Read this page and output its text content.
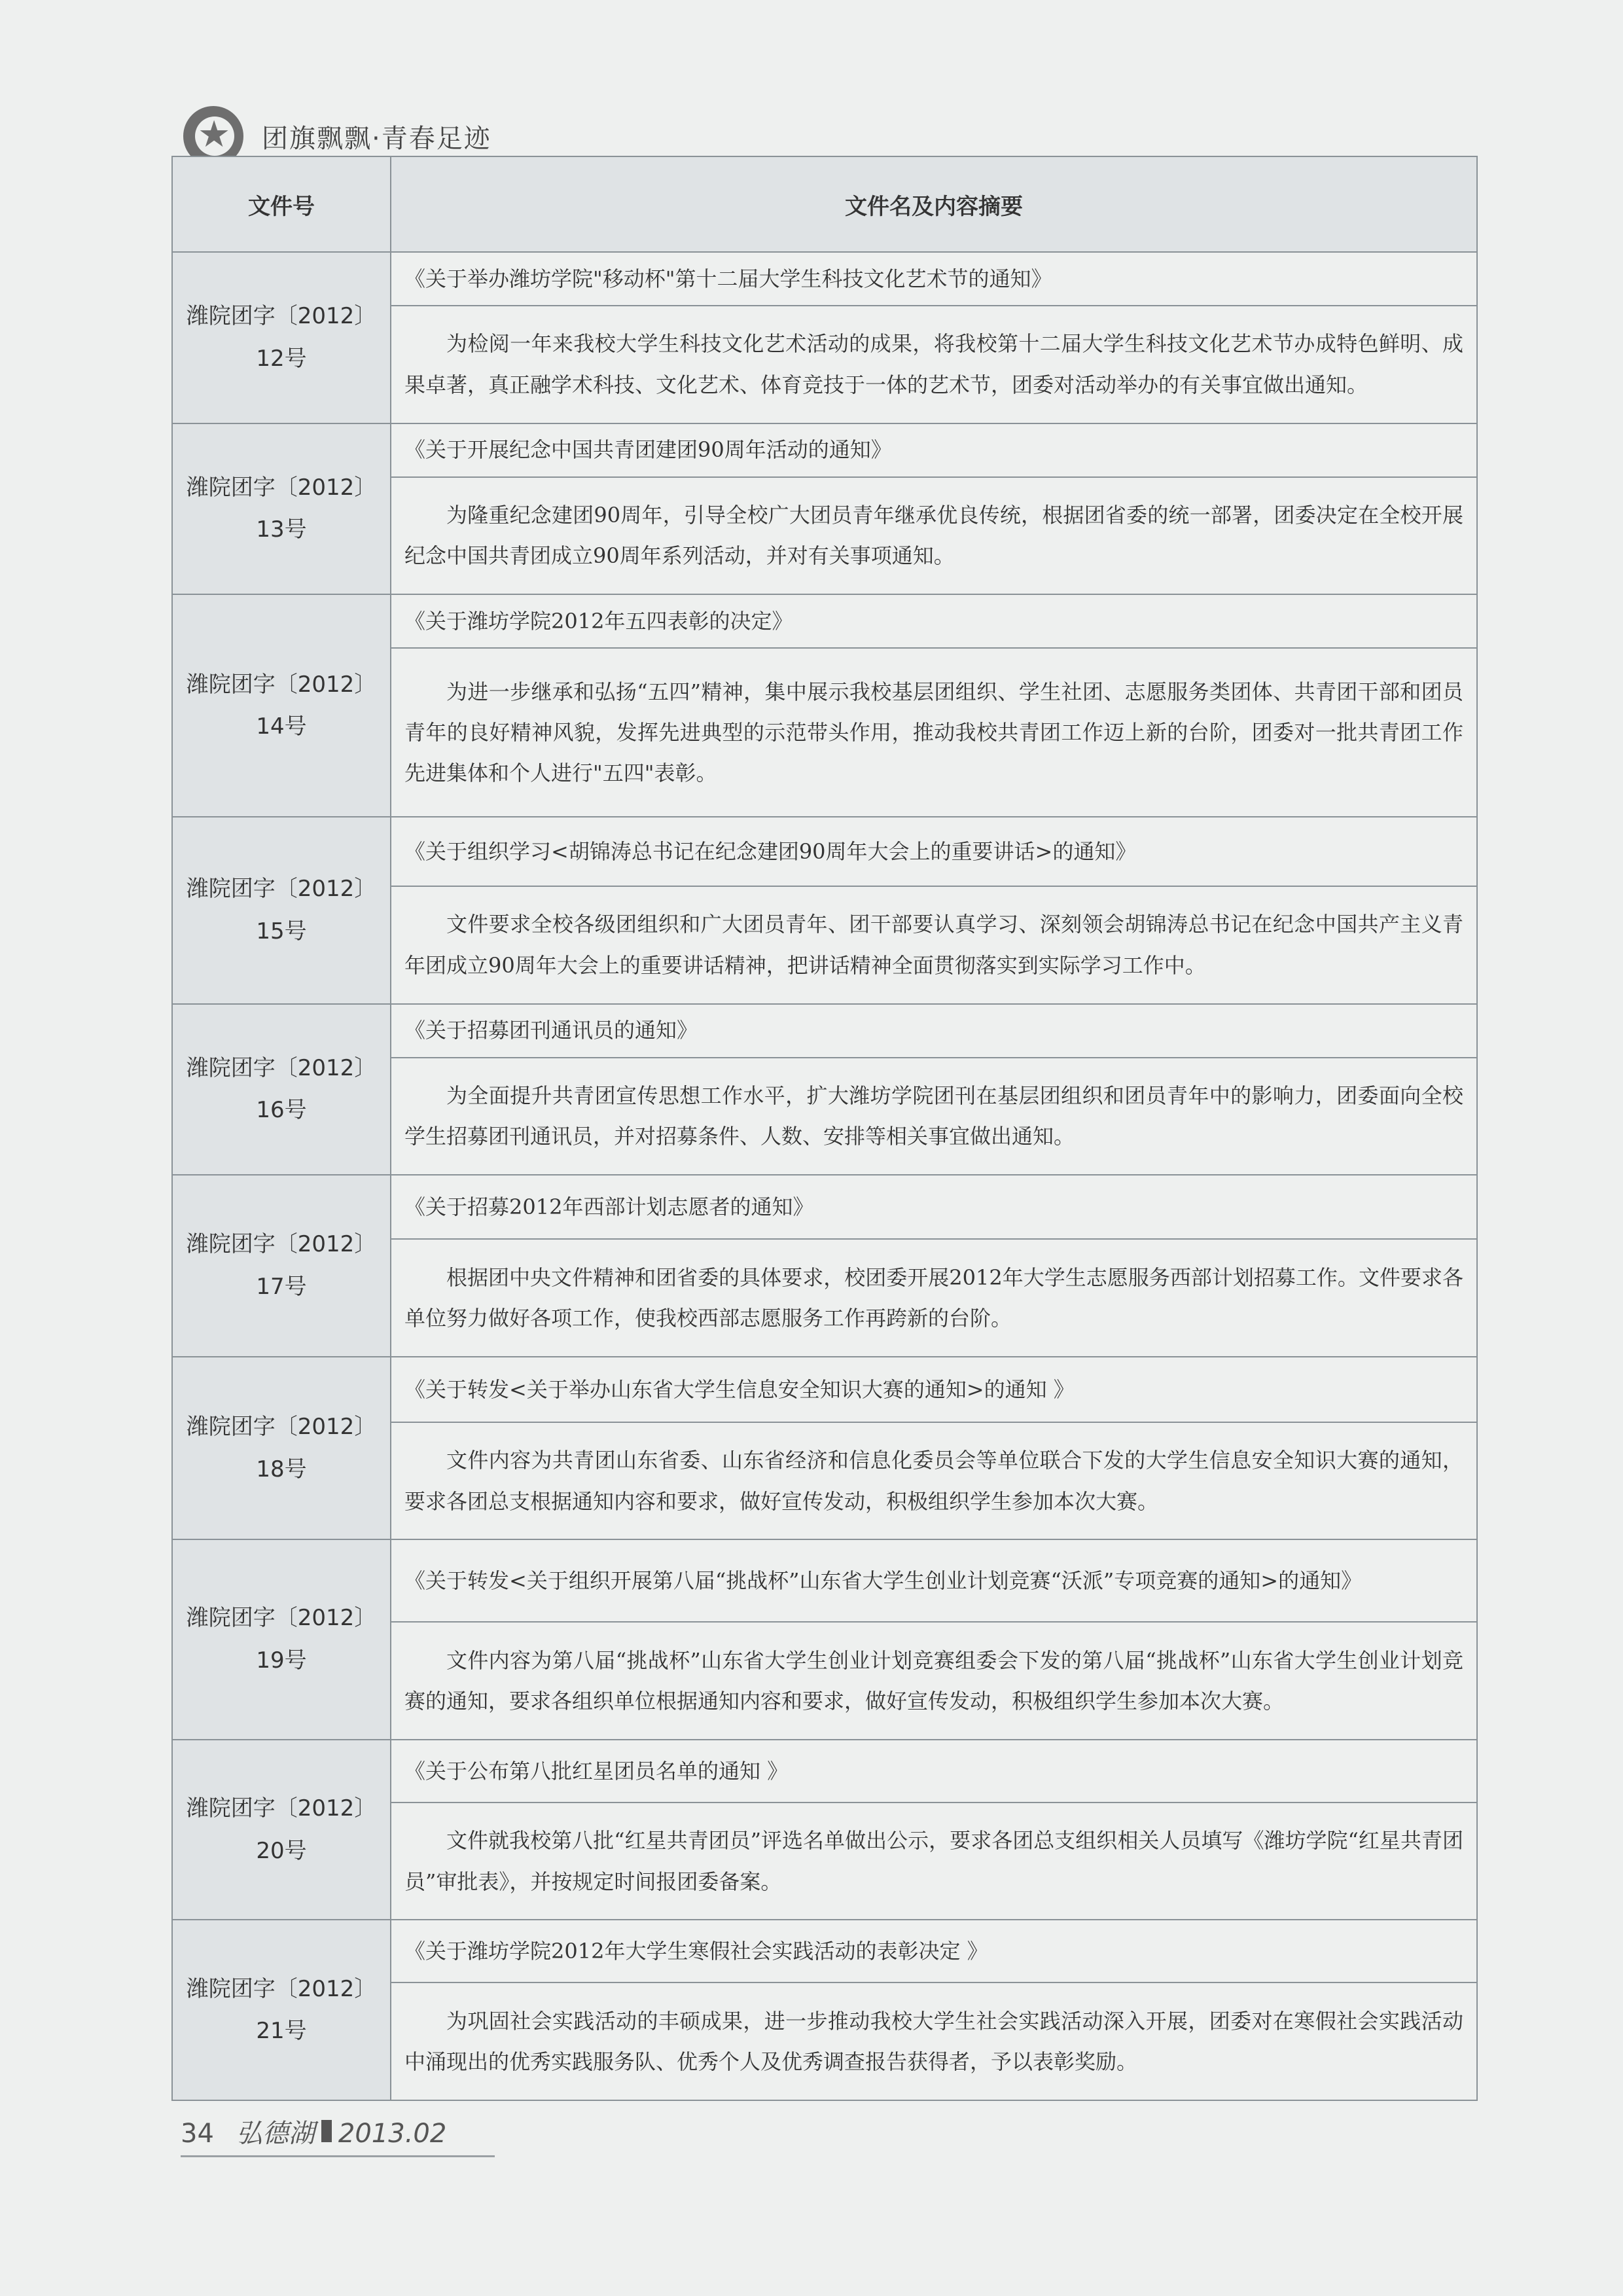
★ 团旗飘飘·青春足迹
文件号	文件名及内容摘要

潍院团字〔2012〕
12号	《关于举办潍坊学院"移动杯"第十二届大学生科技文化艺术节的通知》
	为检阅一年来我校大学生科技文化艺术活动的成果，将我校第十二届大学生科技文化艺术节办成特色鲜明、成果卓著，真正融学术科技、文化艺术、体育竞技于一体的艺术节，团委对活动举办的有关事宜做出通知。

潍院团字〔2012〕
13号	《关于开展纪念中国共青团建团90周年活动的通知》
	为隆重纪念建团90周年，引导全校广大团员青年继承优良传统，根据团省委的统一部署，团委决定在全校开展纪念中国共青团成立90周年系列活动，并对有关事项通知。

潍院团字〔2012〕
14号	《关于潍坊学院2012年五四表彰的决定》
	为进一步继承和弘扬“五四”精神，集中展示我校基层团组织、学生社团、志愿服务类团体、共青团干部和团员青年的良好精神风貌，发挥先进典型的示范带头作用，推动我校共青团工作迈上新的台阶，团委对一批共青团工作先进集体和个人进行"五四"表彰。

潍院团字〔2012〕
15号	《关于组织学习<胡锦涛总书记在纪念建团90周年大会上的重要讲话>的通知》
	文件要求全校各级团组织和广大团员青年、团干部要认真学习、深刻领会胡锦涛总书记在纪念中国共产主义青年团成立90周年大会上的重要讲话精神，把讲话精神全面贯彻落实到实际学习工作中。

潍院团字〔2012〕
16号	《关于招募团刊通讯员的通知》
	为全面提升共青团宣传思想工作水平，扩大潍坊学院团刊在基层团组织和团员青年中的影响力，团委面向全校学生招募团刊通讯员，并对招募条件、人数、安排等相关事宜做出通知。

潍院团字〔2012〕
17号	《关于招募2012年西部计划志愿者的通知》
	根据团中央文件精神和团省委的具体要求，校团委开展2012年大学生志愿服务西部计划招募工作。文件要求各单位努力做好各项工作，使我校西部志愿服务工作再跨新的台阶。

潍院团字〔2012〕
18号	《关于转发<关于举办山东省大学生信息安全知识大赛的通知>的通知 》
	文件内容为共青团山东省委、山东省经济和信息化委员会等单位联合下发的大学生信息安全知识大赛的通知，要求各团总支根据通知内容和要求，做好宣传发动，积极组织学生参加本次大赛。

潍院团字〔2012〕
19号	《关于转发<关于组织开展第八届“挑战杯”山东省大学生创业计划竞赛“沃派”专项竞赛的通知>的通知》
	文件内容为第八届“挑战杯”山东省大学生创业计划竞赛组委会下发的第八届“挑战杯”山东省大学生创业计划竞赛的通知，要求各组织单位根据通知内容和要求，做好宣传发动，积极组织学生参加本次大赛。

潍院团字〔2012〕
20号	《关于公布第八批红星团员名单的通知 》
	文件就我校第八批“红星共青团员”评选名单做出公示，要求各团总支组织相关人员填写《潍坊学院“红星共青团员”审批表》，并按规定时间报团委备案。

潍院团字〔2012〕
21号	《关于潍坊学院2012年大学生寒假社会实践活动的表彰决定 》
	为巩固社会实践活动的丰硕成果，进一步推动我校大学生社会实践活动深入开展，团委对在寒假社会实践活动中涌现出的优秀实践服务队、优秀个人及优秀调查报告获得者，予以表彰奖励。
34 弘德湖 2013.02
